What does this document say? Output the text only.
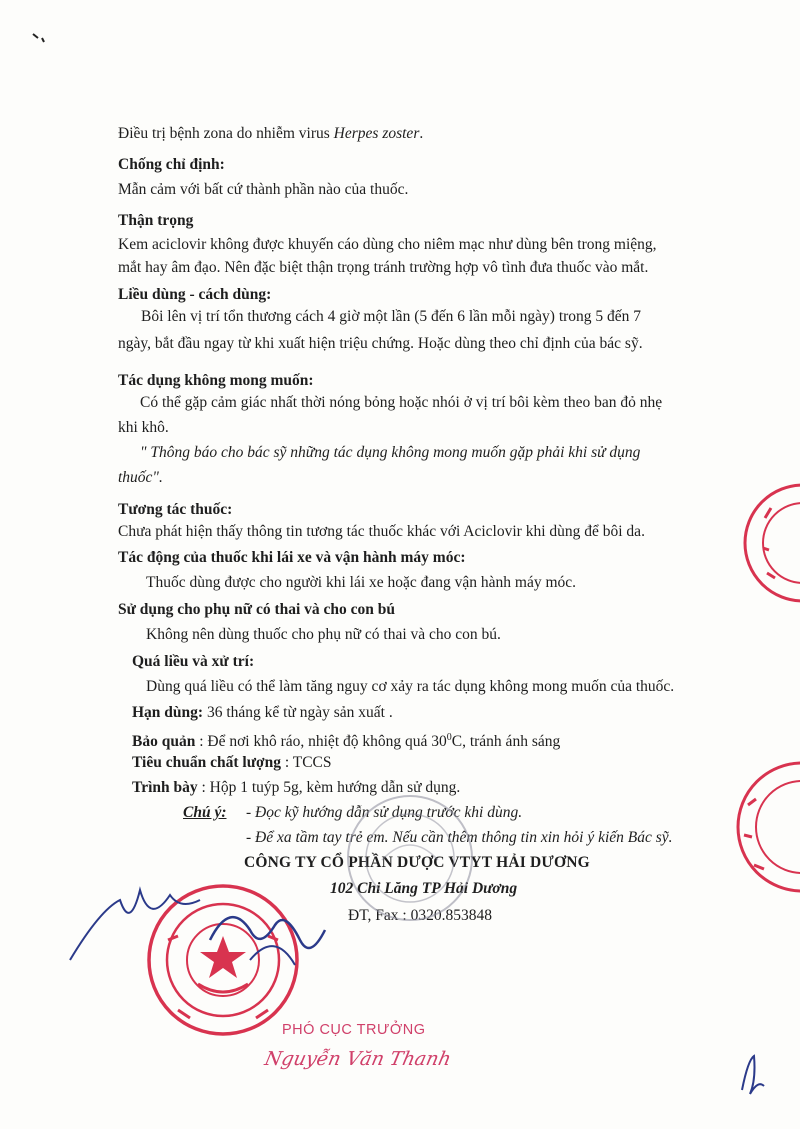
Điều trị bệnh zona do nhiễm virus Herpes zoster.
Chống chỉ định:
Mẫn cảm với bất cứ thành phần nào của thuốc.
Thận trọng
Kem aciclovir không được khuyến cáo dùng cho niêm mạc như dùng bên trong miệng,
mắt hay âm đạo. Nên đặc biệt thận trọng tránh trường hợp vô tình đưa thuốc vào mắt.
Liều dùng - cách dùng:
Bôi lên vị trí tổn thương cách 4 giờ một lần (5 đến 6 lần mỗi ngày) trong 5 đến 7
ngày, bắt đầu ngay từ khi xuất hiện triệu chứng. Hoặc dùng theo chỉ định của bác sỹ.
Tác dụng không mong muốn:
Có thể gặp cảm giác nhất thời nóng bỏng hoặc nhói ở vị trí bôi kèm theo ban đỏ nhẹ
khi khô.
" Thông báo cho bác sỹ những tác dụng không mong muốn gặp phải khi sử dụng
thuốc".
Tương tác thuốc:
Chưa phát hiện thấy thông tin tương tác thuốc khác với Aciclovir khi dùng để bôi da.
Tác động của thuốc khi lái xe và vận hành máy móc:
Thuốc dùng được cho người khi lái xe hoặc đang vận hành máy móc.
Sử dụng cho phụ nữ có thai và cho con bú
Không nên dùng thuốc cho phụ nữ có thai và cho con bú.
Quá liều và xử trí:
Dùng quá liều có thể làm tăng nguy cơ xảy ra tác dụng không mong muốn của thuốc.
Hạn dùng: 36 tháng kể từ ngày sản xuất .
Bảo quản : Để nơi khô ráo, nhiệt độ không quá $30^0C$, tránh ánh sáng
Tiêu chuẩn chất lượng : TCCS
Trình bày : Hộp 1 tuýp 5g, kèm hướng dẫn sử dụng.
Chú ý: - Đọc kỹ hướng dẫn sử dụng trước khi dùng.
- Để xa tầm tay trẻ em. Nếu cần thêm thông tin xin hỏi ý kiến Bác sỹ.
CÔNG TY CỔ PHẦN DƯỢC VTYT HẢI DƯƠNG
102 Chi Lăng TP Hải Dương
ĐT, Fax : 0320.853848
PHÓ CỤC TRƯỞNG
Nguyễn Văn Thanh
